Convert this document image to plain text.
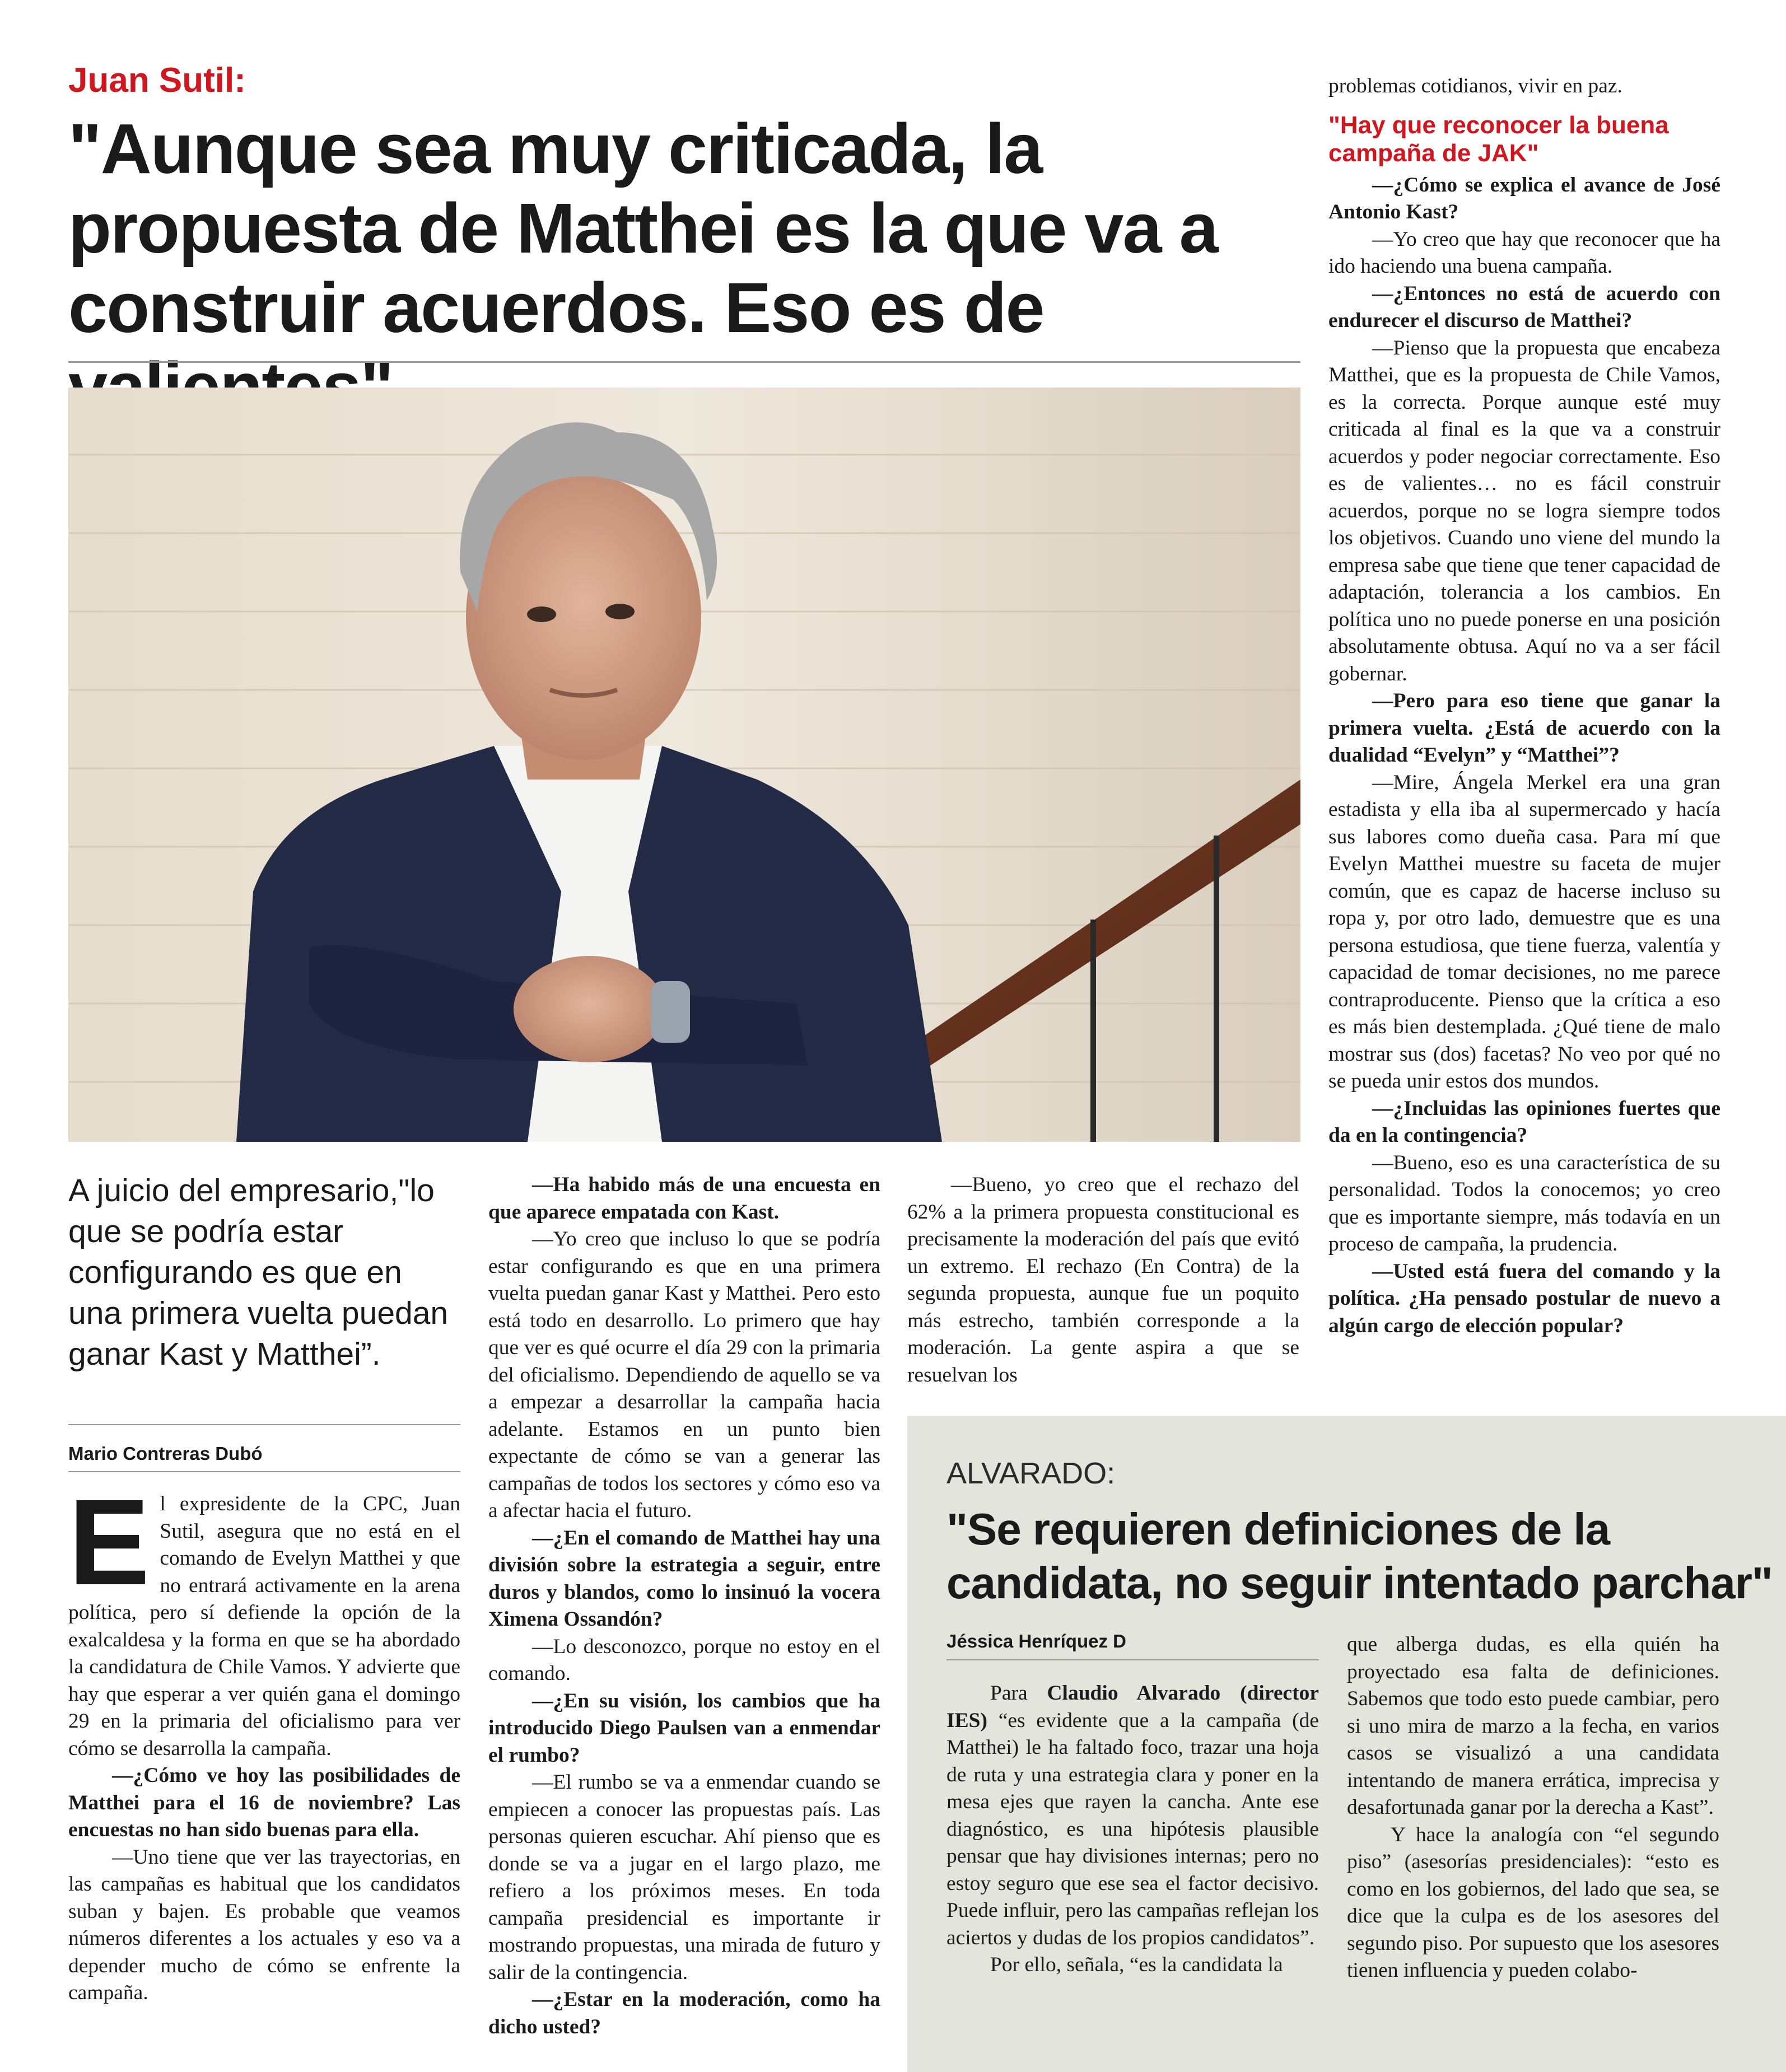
Juan Sutil:
"Aunque sea muy criticada, la propuesta de Matthei es la que va a construir acuerdos. Eso es de
A juicio del empresario,"lo que se podría estar configurando es que en una primera vuelta puedan ganar Kast y Matthei”.
Mario Contreras Dubó

El expresidente de la CPC, Juan Sutil, asegura que no está en el comando de Evelyn Matthei y que no entrará activamente en la arena política, pero sí defiende la opción de la exalcaldesa y la forma en que se ha abordado la candidatura de Chile Vamos. Y advierte que hay que esperar a ver quién gana el domingo 29 en la primaria del oficialismo para ver cómo se desarrolla la campaña.

—¿Cómo ve hoy las posibilidades de Matthei para el 16 de noviembre? Las encuestas no han sido buenas para ella.

—Uno tiene que ver las trayectorias, en las campañas es habitual que los candidatos suban y bajen. Es probable que veamos números diferentes a los actuales y eso va a depender mucho de cómo se enfrente la campaña.

—Ha habido más de una encuesta en que aparece empatada con Kast.

—Yo creo que incluso lo que se podría estar configurando es que en una primera vuelta puedan ganar Kast y Matthei. Pero esto está todo en desarrollo. Lo primero que hay que ver es qué ocurre el día 29 con la primaria del oficialismo. Dependiendo de aquello se va a empezar a desarrollar la campaña hacia adelante. Estamos en un punto bien expectante de cómo se van a generar las campañas de todos los sectores y cómo eso va a afectar hacia el futuro.

—¿En el comando de Matthei hay una división sobre la estrategia a seguir, entre duros y blandos, como lo insinuó la vocera Ximena Ossandón?

—Lo desconozco, porque no estoy en el comando.

—¿En su visión, los cambios que ha introducido Diego Paulsen van a enmendar el rumbo?

—El rumbo se va a enmendar cuando se empiecen a conocer las propuestas país. Las personas quieren escuchar. Ahí pienso que es donde se va a jugar en el largo plazo, me refiero a los próximos meses. En toda campaña presidencial es importante ir mostrando propuestas, una mirada de futuro y salir de la contingencia.

—¿Estar en la moderación, como ha dicho usted?

—Bueno, yo creo que el rechazo del 62% a la primera propuesta constitucional es precisamente la moderación del país que evitó un extremo. El rechazo (En Contra) de la segunda propuesta, aunque fue un poquito más estrecho, también corresponde a la moderación. La gente aspira a que se resuelvan los

problemas cotidianos, vivir en paz.

"Hay que reconocer la buena campaña de JAK"

—¿Cómo se explica el avance de José Antonio Kast?

—Yo creo que hay que reconocer que ha ido haciendo una buena campaña.

—¿Entonces no está de acuerdo con endurecer el discurso de Matthei?

—Pienso que la propuesta que encabeza Matthei, que es la propuesta de Chile Vamos, es la correcta. Porque aunque esté muy criticada al final es la que va a construir acuerdos y poder negociar correctamente. Eso es de valientes… no es fácil construir acuerdos, porque no se logra siempre todos los objetivos. Cuando uno viene del mundo la empresa sabe que tiene que tener capacidad de adaptación, tolerancia a los cambios. En política uno no puede ponerse en una posición absolutamente obtusa. Aquí no va a ser fácil gobernar.

—Pero para eso tiene que ganar la primera vuelta. ¿Está de acuerdo con la dualidad “Evelyn” y “Matthei”?

—Mire, Ángela Merkel era una gran estadista y ella iba al supermercado y hacía sus labores como dueña casa. Para mí que Evelyn Matthei muestre su faceta de mujer común, que es capaz de hacerse incluso su ropa y, por otro lado, demuestre que es una persona estudiosa, que tiene fuerza, valentía y capacidad de tomar decisiones, no me parece contraproducente. Pienso que la crítica a eso es más bien destemplada. ¿Qué tiene de malo mostrar sus (dos) facetas? No veo por qué no se pueda unir estos dos mundos.

—¿Incluidas las opiniones fuertes que da en la contingencia?

—Bueno, eso es una característica de su personalidad. Todos la conocemos; yo creo que es importante siempre, más todavía en un proceso de campaña, la prudencia.

—Usted está fuera del comando y la política. ¿Ha pensado postular de nuevo a algún cargo de elección popular?

ALVARADO:
"Se requieren definiciones de la candidata, no seguir intentado parchar"
Jéssica Henríquez D

Para Claudio Alvarado (director IES) “es evidente que a la campaña (de Matthei) le ha faltado foco, trazar una hoja de ruta y una estrategia clara y poner en la mesa ejes que rayen la cancha. Ante ese diagnóstico, es una hipótesis plausible pensar que hay divisiones internas; pero no estoy seguro que ese sea el factor decisivo. Puede influir, pero las campañas reflejan los aciertos y dudas de los propios candidatos”.

Por ello, señala, “es la candidata la

que alberga dudas, es ella quién ha proyectado esa falta de definiciones. Sabemos que todo esto puede cambiar, pero si uno mira de marzo a la fecha, en varios casos se visualizó a una candidata intentando de manera errática, imprecisa y desafortunada ganar por la derecha a Kast”.

Y hace la analogía con “el segundo piso” (asesorías presidenciales): “esto es como en los gobiernos, del lado que sea, se dice que la culpa es de los asesores del segundo piso. Por supuesto que los asesores tienen influencia y pueden colabo-
